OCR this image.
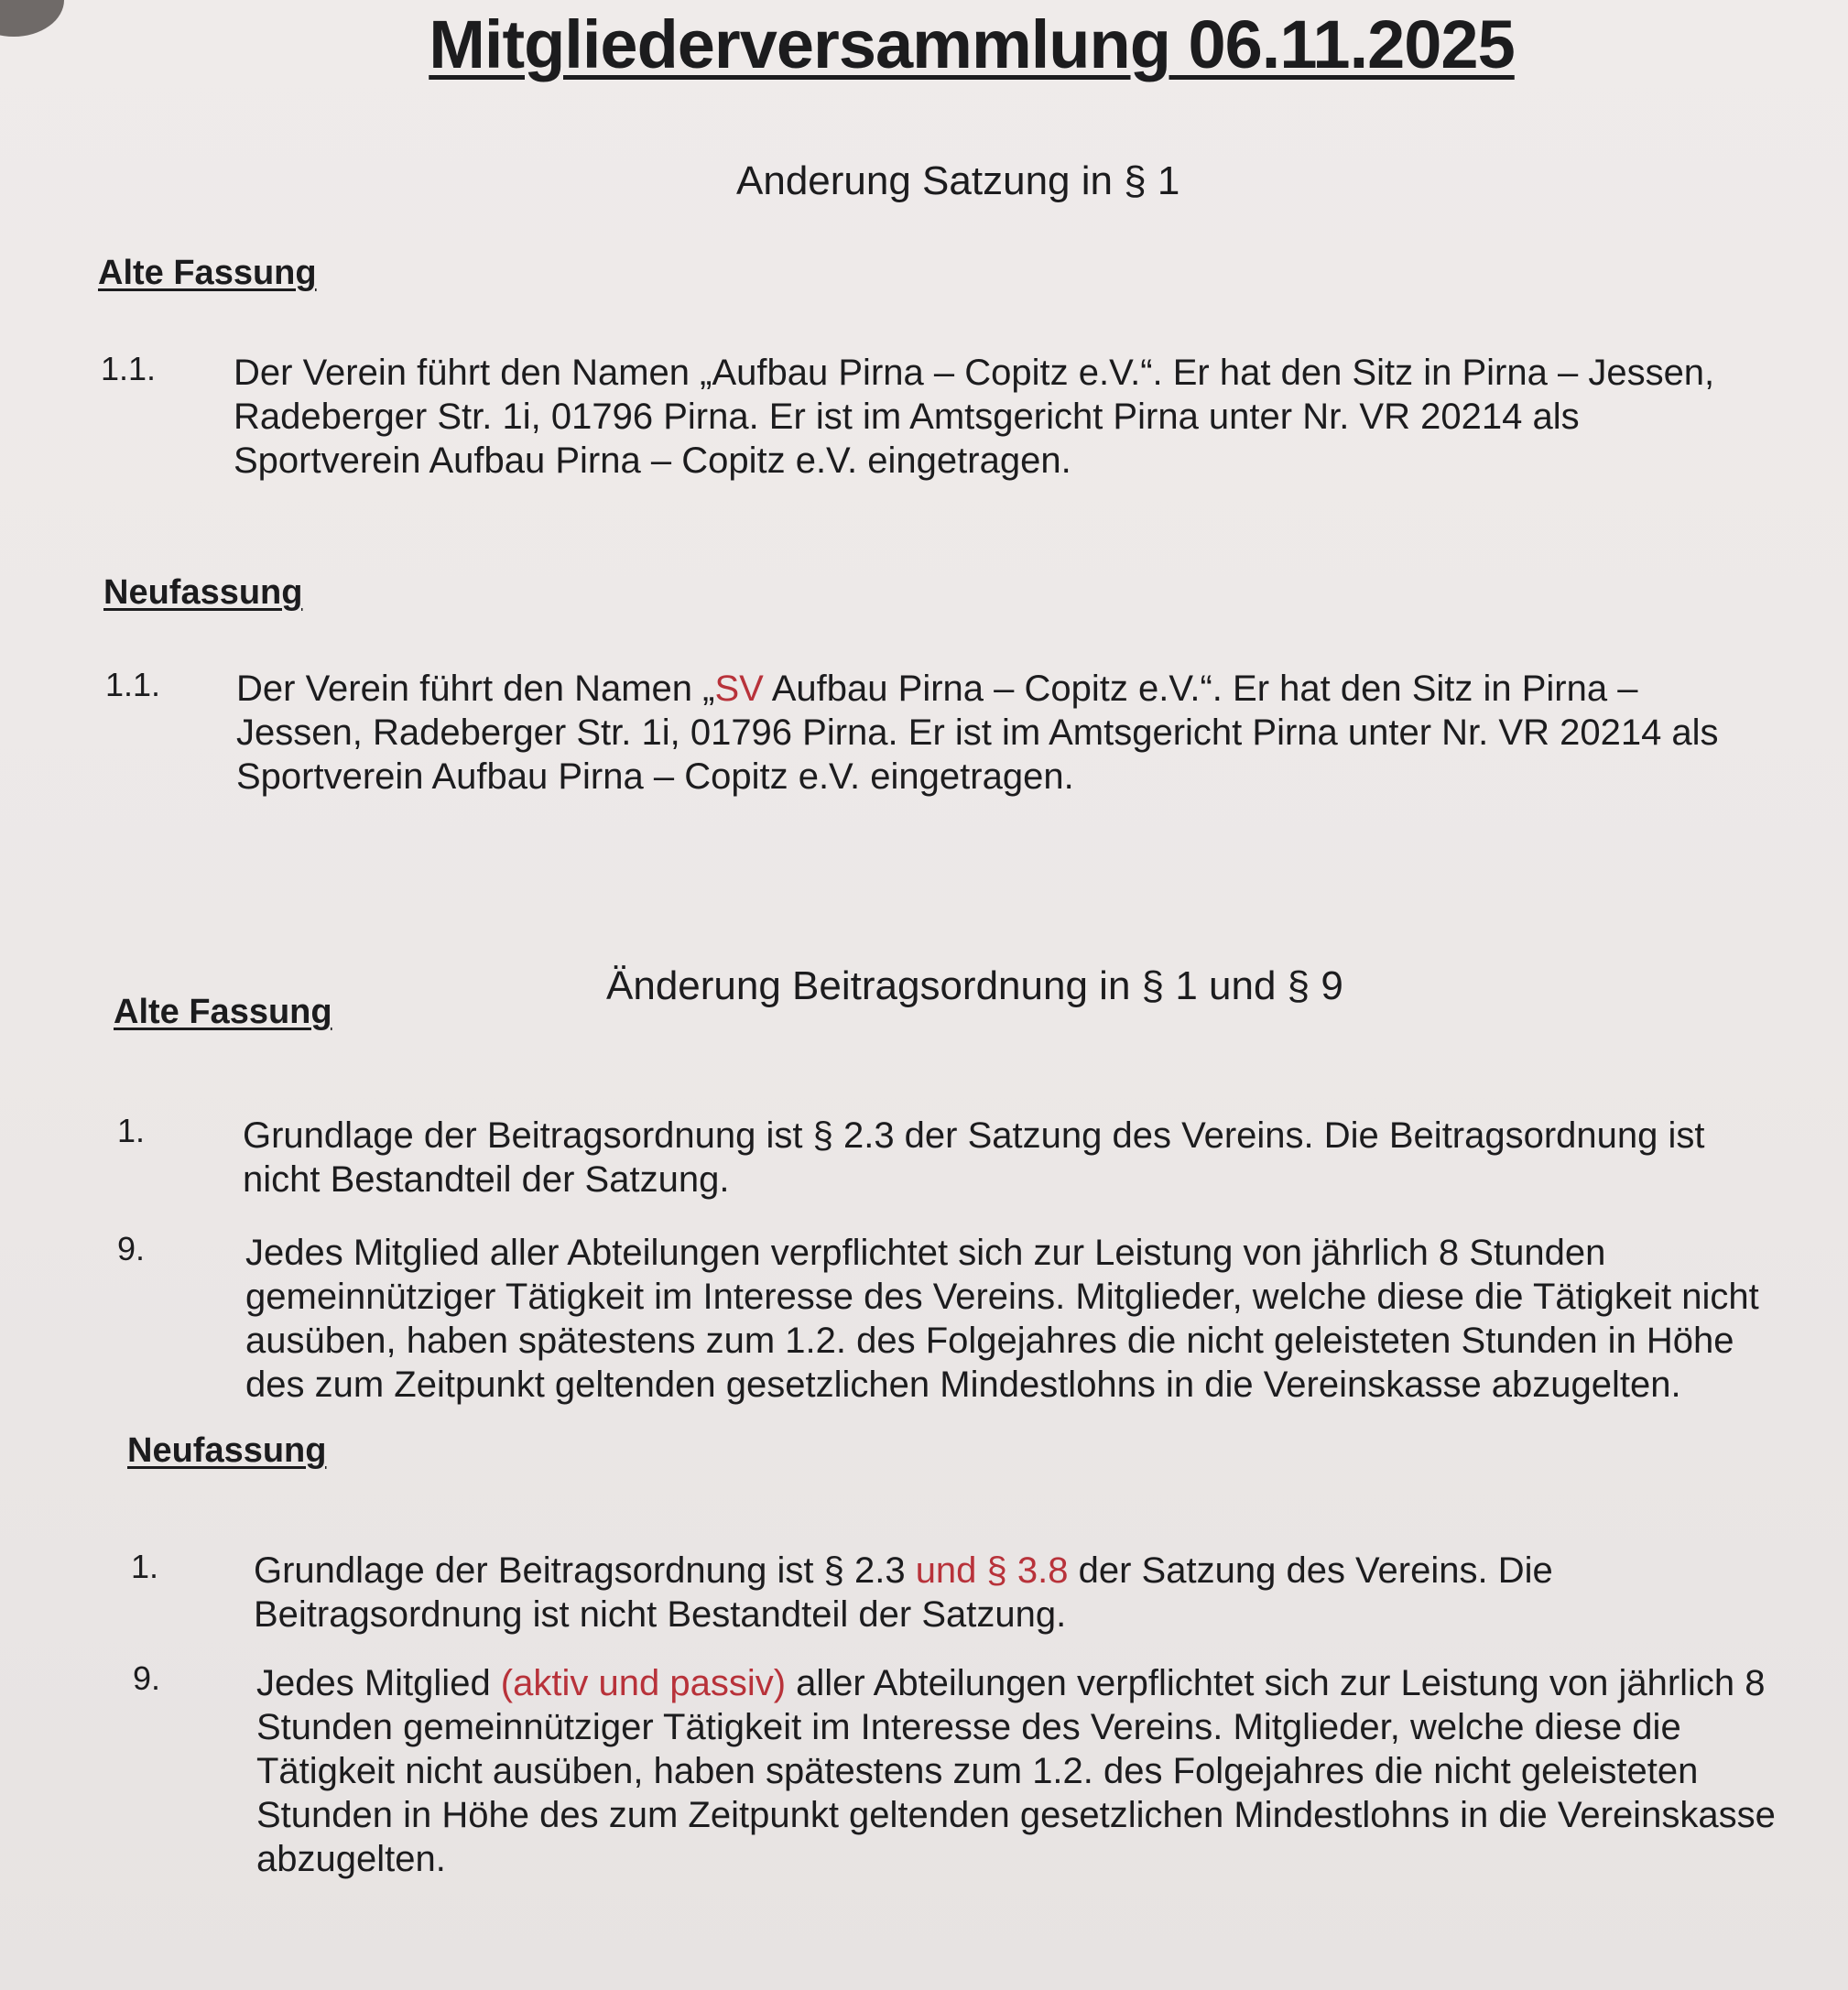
Mitgliederversammlung 06.11.2025
Anderung Satzung in § 1
Alte Fassung
1.1. Der Verein führt den Namen „Aufbau Pirna – Copitz e.V.“. Er hat den Sitz in Pirna – Jessen,
Radeberger Str. 1i, 01796 Pirna. Er ist im Amtsgericht Pirna unter Nr. VR 20214 als
Sportverein Aufbau Pirna – Copitz e.V. eingetragen.
Neufassung
1.1. Der Verein führt den Namen „SV Aufbau Pirna – Copitz e.V.“. Er hat den Sitz in Pirna –
Jessen, Radeberger Str. 1i, 01796 Pirna. Er ist im Amtsgericht Pirna unter Nr. VR 20214 als
Sportverein Aufbau Pirna – Copitz e.V. eingetragen.
Änderung Beitragsordnung in § 1 und § 9
Alte Fassung
1.	Grundlage der Beitragsordnung ist § 2.3 der Satzung des Vereins. Die Beitragsordnung ist
nicht Bestandteil der Satzung.
9.	Jedes Mitglied aller Abteilungen verpflichtet sich zur Leistung von jährlich 8 Stunden
gemeinnütziger Tätigkeit im Interesse des Vereins. Mitglieder, welche diese die Tätigkeit nicht
ausüben, haben spätestens zum 1.2. des Folgejahres die nicht geleisteten Stunden in Höhe
des zum Zeitpunkt geltenden gesetzlichen Mindestlohns in die Vereinskasse abzugelten.
Neufassung
1.	Grundlage der Beitragsordnung ist § 2.3 und § 3.8 der Satzung des Vereins. Die
Beitragsordnung ist nicht Bestandteil der Satzung.
9.	Jedes Mitglied (aktiv und passiv) aller Abteilungen verpflichtet sich zur Leistung von jährlich 8
Stunden gemeinnütziger Tätigkeit im Interesse des Vereins. Mitglieder, welche diese die
Tätigkeit nicht ausüben, haben spätestens zum 1.2. des Folgejahres die nicht geleisteten
Stunden in Höhe des zum Zeitpunkt geltenden gesetzlichen Mindestlohns in die Vereinskasse
abzugelten.
